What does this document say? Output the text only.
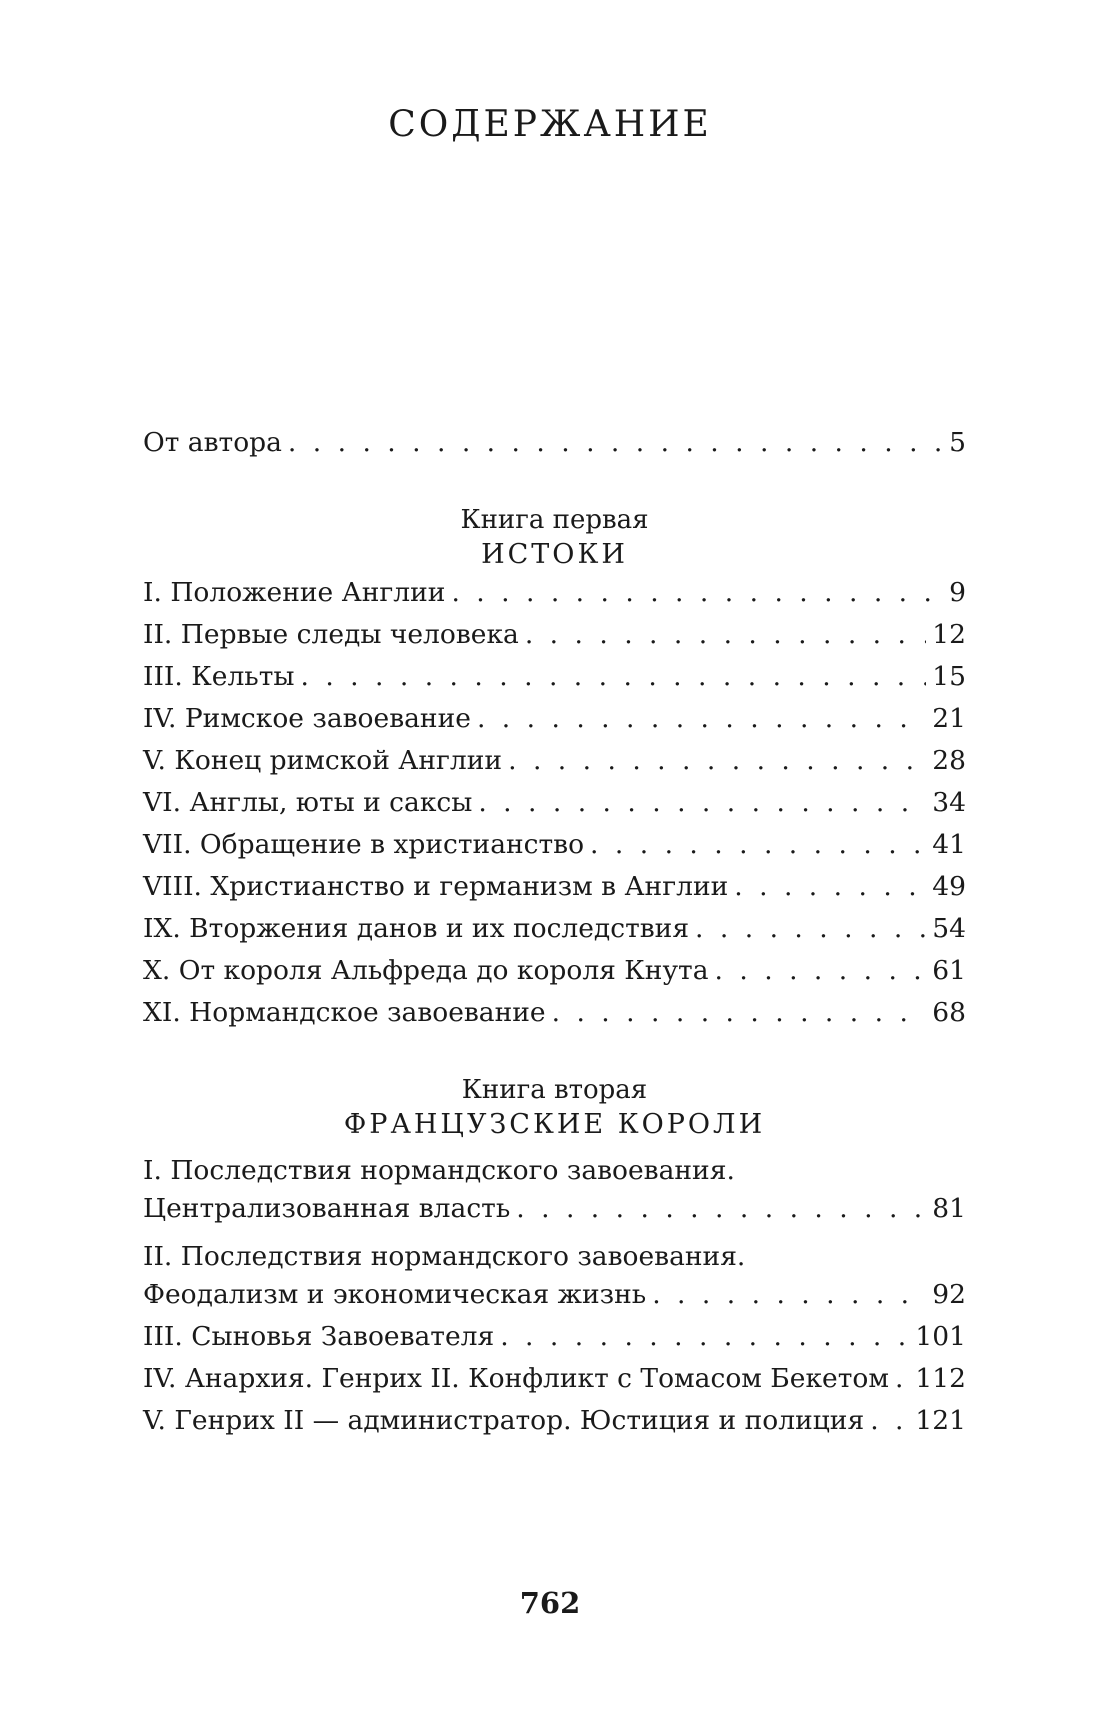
СОДЕРЖАНИЕ
От автора . . .	5
Книга первая
ИСТОКИ
I. Положение Англии . . .	9
II. Первые следы человека . . .	12
III. Кельты . . .	15
IV. Римское завоевание . . .	21
V. Конец римской Англии . . .	28
VI. Англы, юты и саксы . . .	34
VII. Обращение в христианство . . .	41
VIII. Христианство и германизм в Англии . . .	49
IX. Вторжения данов и их последствия . . .	54
X. От короля Альфреда до короля Кнута . . .	61
XI. Нормандское завоевание . . .	68
Книга вторая
ФРАНЦУЗСКИЕ КОРОЛИ
I. Последствия нормандского завоевания.
Централизованная власть . . .	81
II. Последствия нормандского завоевания.
Феодализм и экономическая жизнь . . .	92
III. Сыновья Завоевателя . . .	101
IV. Анархия. Генрих II. Конфликт с Томасом Бекетом . . . 112
V. Генрих II — администратор. Юстиция и полиция . . . 121
762
